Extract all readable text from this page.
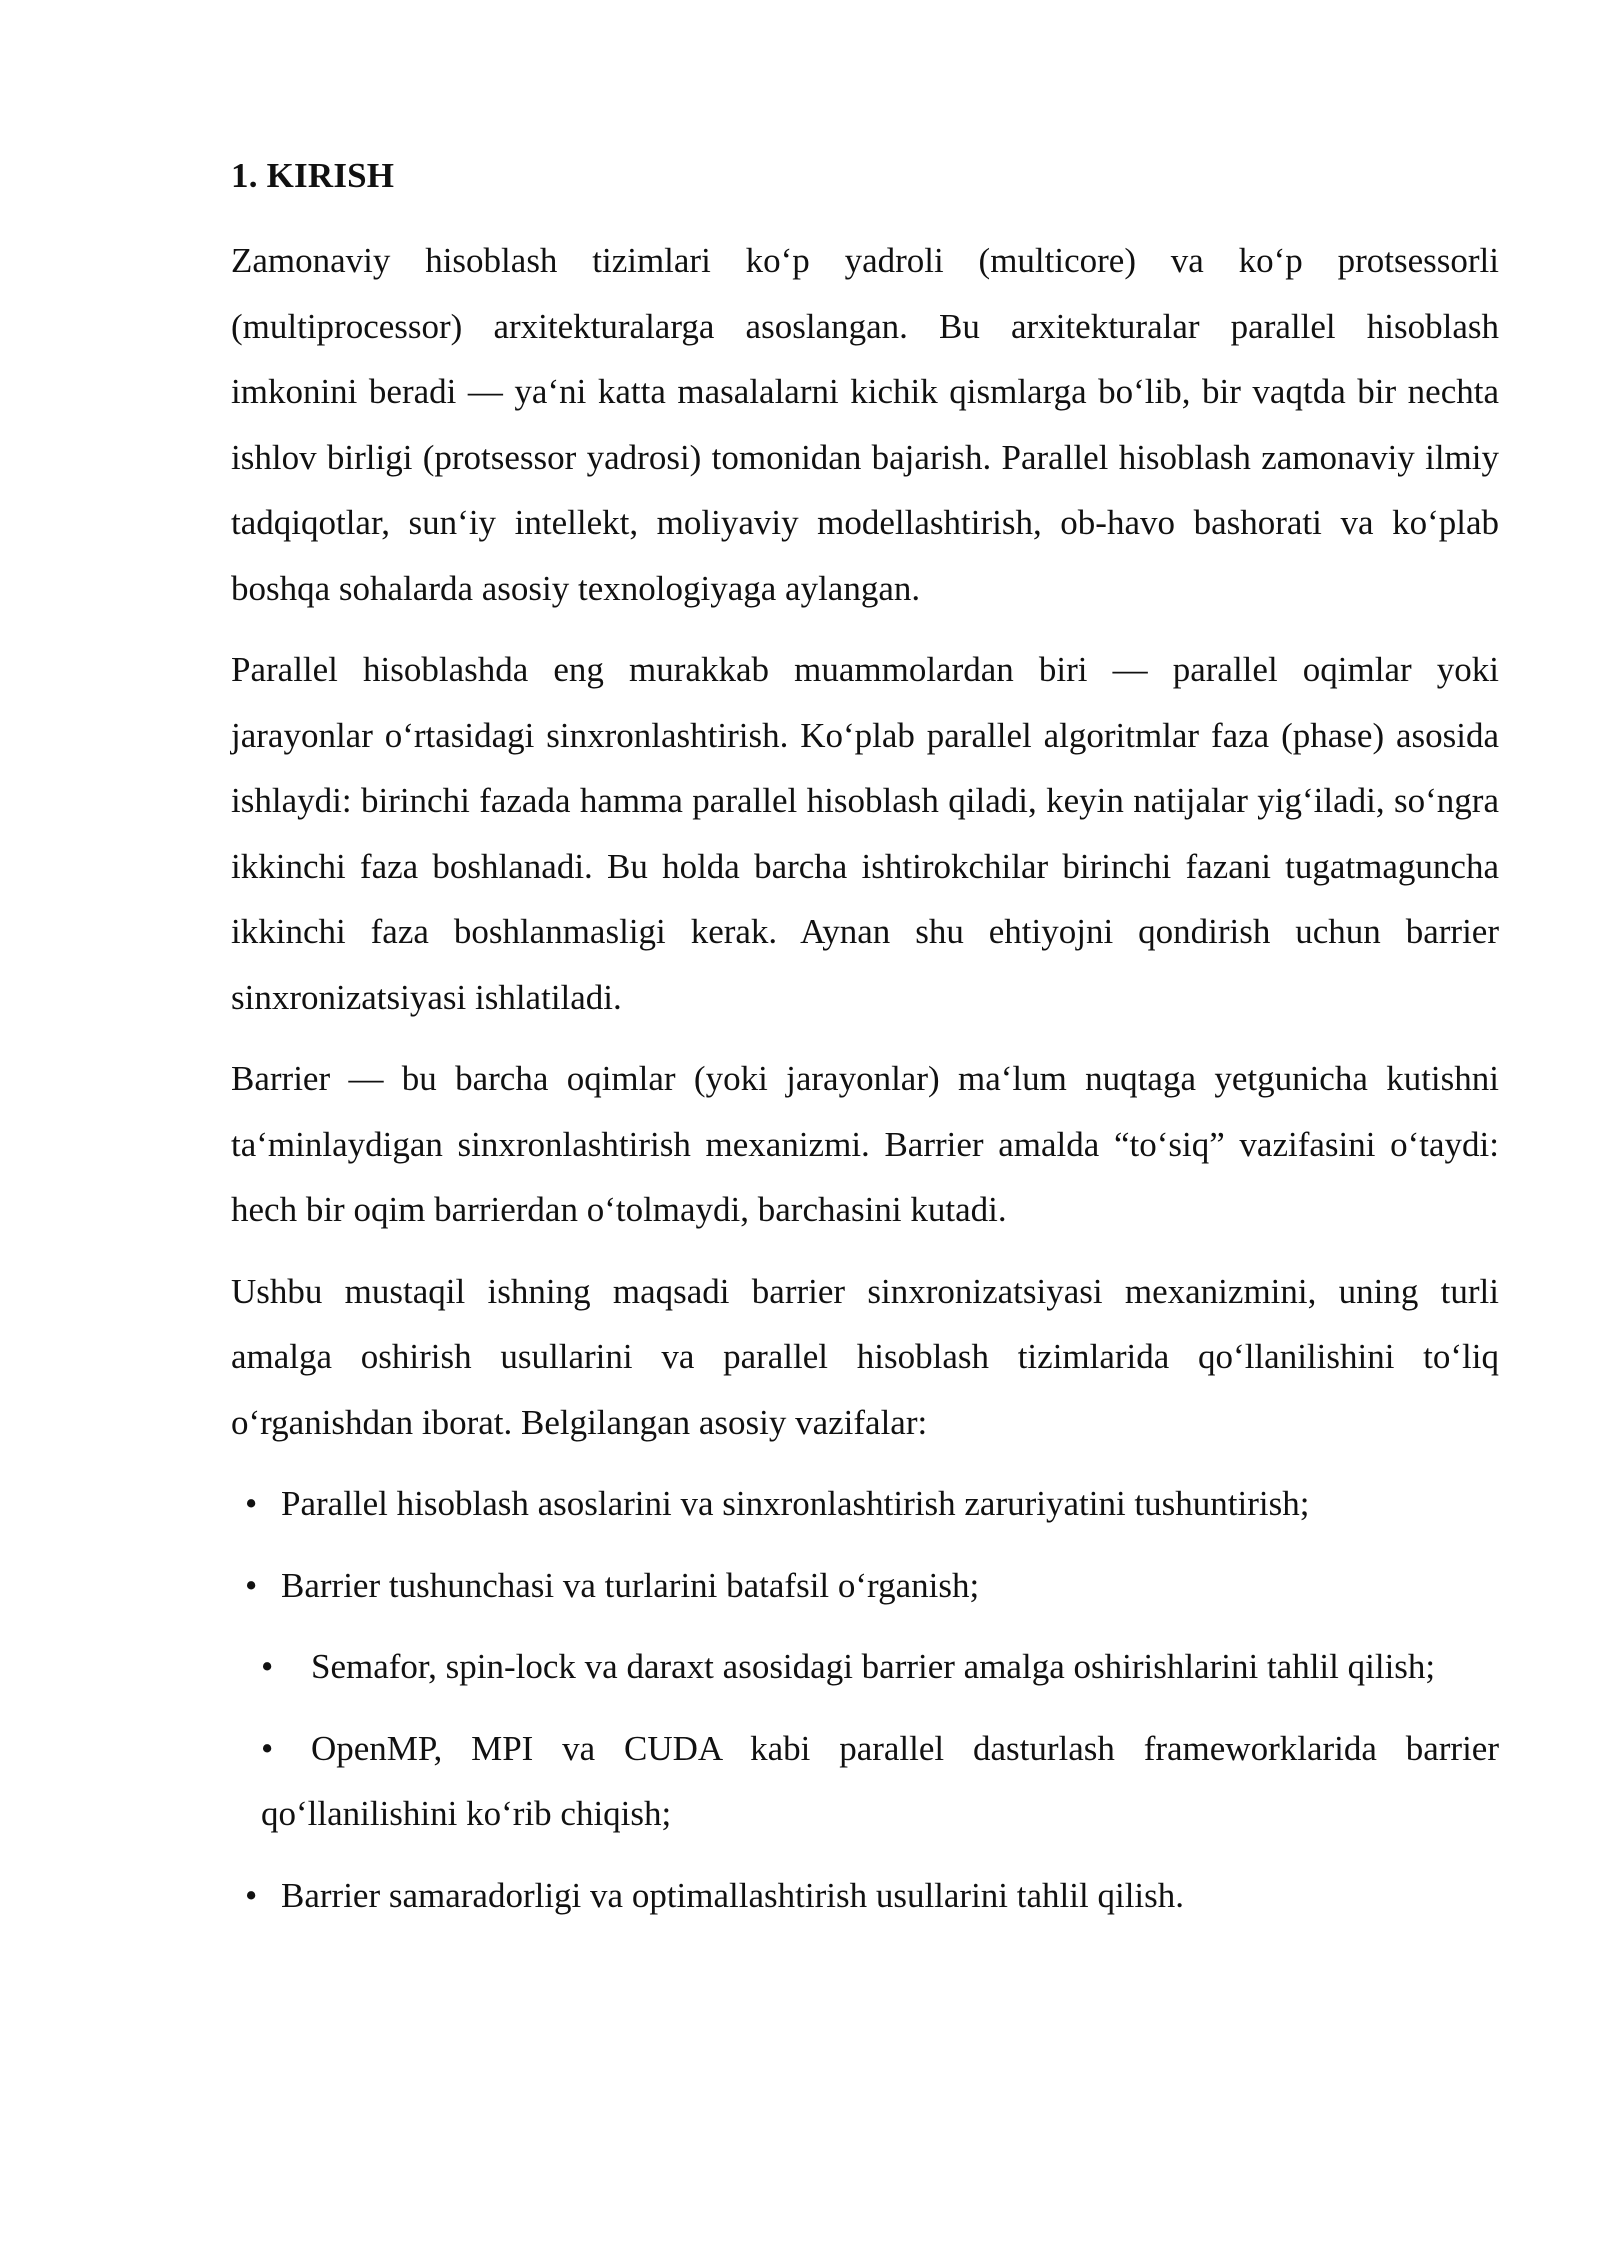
1. KIRISH

Zamonaviy hisoblash tizimlari ko‘p yadroli (multicore) va ko‘p protsessorli (multiprocessor) arxitekturalarga asoslangan. Bu arxitekturalar parallel hisoblash imkonini beradi — ya‘ni katta masalalarni kichik qismlarga bo‘lib, bir vaqtda bir nechta ishlov birligi (protsessor yadrosi) tomonidan bajarish. Parallel hisoblash zamonaviy ilmiy tadqiqotlar, sun‘iy intellekt, moliyaviy modellashtirish, ob-havo bashorati va ko‘plab boshqa sohalarda asosiy texnologiyaga aylangan.

Parallel hisoblashda eng murakkab muammolardan biri — parallel oqimlar yoki jarayonlar o‘rtasidagi sinxronlashtirish. Ko‘plab parallel algoritmlar faza (phase) asosida ishlaydi: birinchi fazada hamma parallel hisoblash qiladi, keyin natijalar yig‘iladi, so‘ngra ikkinchi faza boshlanadi. Bu holda barcha ishtirokchilar birinchi fazani tugatmaguncha ikkinchi faza boshlanmasligi kerak. Aynan shu ehtiyojni qondirish uchun barrier sinxronizatsiyasi ishlatiladi.

Barrier — bu barcha oqimlar (yoki jarayonlar) ma‘lum nuqtaga yetgunicha kutishni ta‘minlaydigan sinxronlashtirish mexanizmi. Barrier amalda “to‘siq” vazifasini o‘taydi: hech bir oqim barrierdan o‘tolmaydi, barchasini kutadi.

Ushbu mustaqil ishning maqsadi barrier sinxronizatsiyasi mexanizmini, uning turli amalga oshirish usullarini va parallel hisoblash tizimlarida qo‘llanilishini to‘liq o‘rganishdan iborat. Belgilangan asosiy vazifalar:

• Parallel hisoblash asoslarini va sinxronlashtirish zaruriyatini tushuntirish;
• Barrier tushunchasi va turlarini batafsil o‘rganish;
• Semafor, spin-lock va daraxt asosidagi barrier amalga oshirishlarini tahlil qilish;
• OpenMP, MPI va CUDA kabi parallel dasturlash frameworklarida barrier qo‘llanilishini ko‘rib chiqish;
• Barrier samaradorligi va optimallashtirish usullarini tahlil qilish.
